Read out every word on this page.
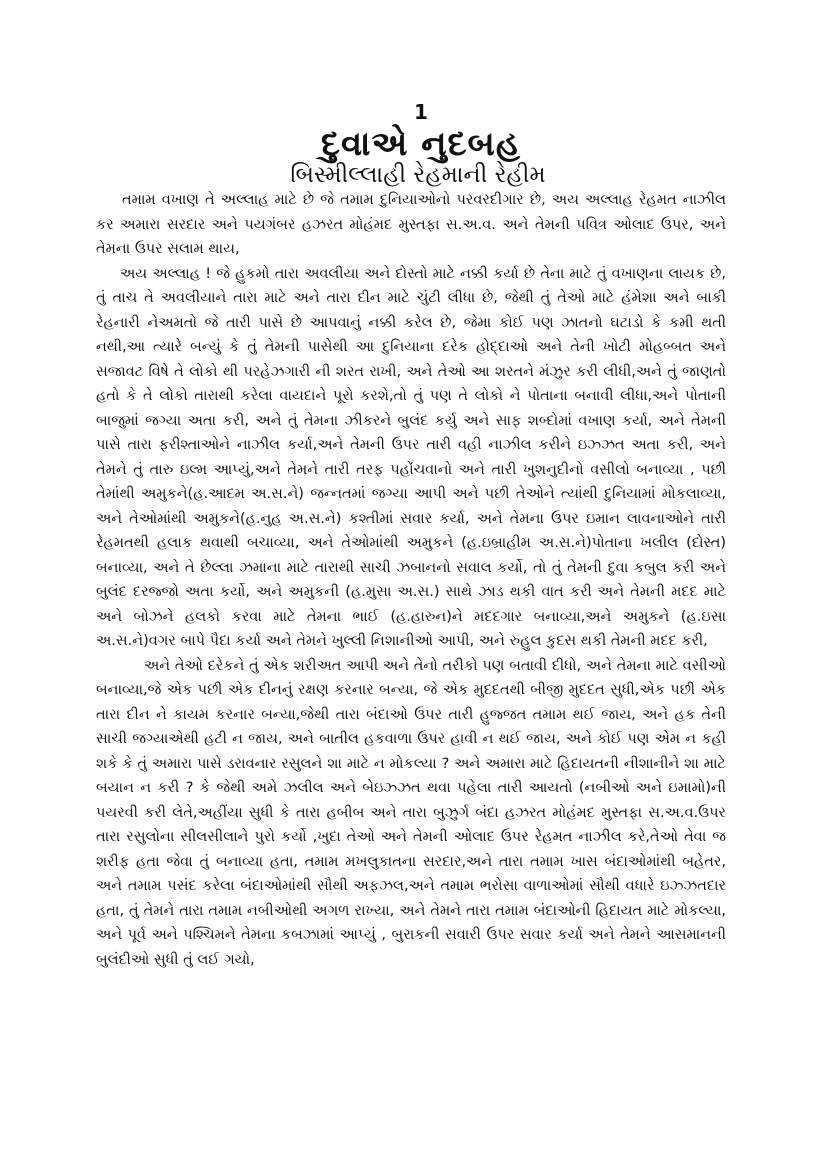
1
દુવાએ નુદબહ
બિસ્મીલ્લાહી રેહમાની રેહીમ

તમામ વખાણ તે અલ્લાહ માટે છે જે તમામ દુનિયાઓનો પરવરદીગાર છે, અય અલ્લાહ રેહમત નાઝીલ કર અમારા સરદાર અને પયગંબર હઝરત મોહંમદ મુસ્તફા સ.અ.વ. અને તેમની પવિત્ર ઓલાદ ઉપર, અને તેમના ઉપર સલામ થાય,

અય અલ્લાહ ! જે હુકમો તારા અવલીયા અને દોસ્તો માટે નક્કી કર્યા છે તેના માટે તું વખાણના લાયક છે, તું તાચ તે અવલીયાને તારા માટે અને તારા દીન માટે ચુંટી લીધા છે, જેથી તું તેઓ માટે હંમેશા અને બાકી રેહનારી નેઅમતો જે તારી પાસે છે આપવાનું નક્કી કરેલ છે, જેમા કોઈ પણ ઝાતનો ઘટાડો કે કમી થતી નથી,આ ત્યારે બન્યું કે તું તેમની પાસેથી આ દુનિયાના દરેક હોદ્દાઓ અને તેની ખોટી મોહબ્બત અને સજાવટ વિષે તે લોકો થી પરહેઝગારી ની શરત રાખી, અને તેઓ આ શરતને મંઝુર કરી લીધી,અને તું જાણતો હતો કે તે લોકો તારાથી કરેલા વાયદાને પૂરો કરશે,તો તું પણ તે લોકો ને પોતાના બનાવી લીધા,અને પોતાની બાજુમાં જગ્યા અતા કરી, અને તું તેમના ઝીકરને બુલંદ કર્યુ અને સાફ શબ્દોમાં વખાણ કર્યા, અને તેમની પાસે તારા ફરીશ્તાઓને નાઝીલ કર્યા,અને તેમની ઉપર તારી વહી નાઝીલ કરીને ઇઝ્ઝત અતા કરી, અને તેમને તું તારુ ઇલ્મ આપ્યું,અને તેમને તારી તરફ પહોંચવાનો અને તારી ખુશનુદીનો વસીલો બનાવ્યા , પછી તેમાંથી અમુકને(હ.આદમ અ.સ.ને) જન્નતમાં જગ્યા આપી અને પછી તેઓને ત્યાંથી દુનિયામાં મોકલાવ્યા, અને તેઓમાંથી અમુકને(હ.નુહ અ.સ.ને) કશ્તીમાં સવાર કર્યા, અને તેમના ઉપર ઇમાન લાવનાઓને તારી રેહમતથી હલાક થવાથી બચાવ્યા, અને તેઓમાંથી અમુકને (હ.ઇબ્રાહીમ અ.સ.ને)પોતાના ખલીલ (દોસ્ત) બનાવ્યા, અને તે છેલ્લા ઝમાના માટે તારાથી સાચી ઝબાનનો સવાલ કર્યો, તો તું તેમની દુવા કબુલ કરી અને બુલંદ દરજ્જો અતા કર્યો, અને અમુકની (હ.મુસા અ.સ.) સાથે ઝાડ થકી વાત કરી અને તેમની મદદ માટે અને બોઝને હલકો કરવા માટે તેમના ભાઈ (હ.હારુન)ને મદદગાર બનાવ્યા,અને અમુકને (હ.ઇસા અ.સ.ને)વગર બાપે પૈદા કર્યા અને તેમને ખુલ્લી નિશાનીઓ આપી, અને રુહુલ કુદસ થકી તેમની મદદ કરી,

અને તેઓ દરેકને તું એક શરીઅત આપી અને તેનો તરીકો પણ બતાવી દીધો, અને તેમના માટે વસીઓ બનાવ્યા,જે એક પછી એક દીનનું રક્ષણ કરનાર બન્યા, જે એક મુદદતથી બીજી મુદદત સુધી,એક પછી એક તારા દીન ને કાયમ કરનાર બન્યા,જેથી તારા બંદાઓ ઉપર તારી હુજ્જત તમામ થઈ જાય, અને હક તેની સાચી જગ્યાએથી હટી ન જાય, અને બાતીલ હકવાળા ઉપર હાવી ન થઈ જાય, અને કોઈ પણ એમ ન કહી શકે કે તું અમારા પાસે ડરાવનાર રસુલને શા માટે ન મોકલ્યા ? અને અમારા માટે હિદાયતની નીશાનીને શા માટે બયાન ન કરી ? કે જેથી અમે ઝલીલ અને બેઇઝ્ઝત થવા પહેલા તારી આયતો (નબીઓ અને ઇમામો)ની પયરવી કરી લેતે,અહીંયા સુધી કે તારા હબીબ અને તારા બુઝુર્ગ બંદા હઝરત મોહંમદ મુસ્તફા સ.અ.વ.ઉપર તારા રસુલોના સીલસીલાને પુરો કર્યો ,ખુદા તેઓ અને તેમની ઓલાદ ઉપર રેહમત નાઝીલ કરે,તેઓ તેવા જ શરીફ હતા જેવા તું બનાવ્યા હતા, તમામ મખલુકાતના સરદાર,અને તારા તમામ ખાસ બંદાઓમાંથી બહેતર, અને તમામ પસંદ કરેલા બંદાઓમાંથી સૌથી અફઝલ,અને તમામ ભરોસા વાળાઓમાં સૌથી વધારે ઇઝ્ઝતદાર હતા, તું તેમને તારા તમામ નબીઓથી અગળ રાખ્યા, અને તેમને તારા તમામ બંદાઓની હિદાયત માટે મોકલ્યા, અને પૂર્વ અને પશ્ચિમને તેમના કબઝામાં આપ્યું , બુરાકની સવારી ઉપર સવાર કર્યા અને તેમને આસમાનની બુલંદીઓ સુધી તું લઈ ગયો,
